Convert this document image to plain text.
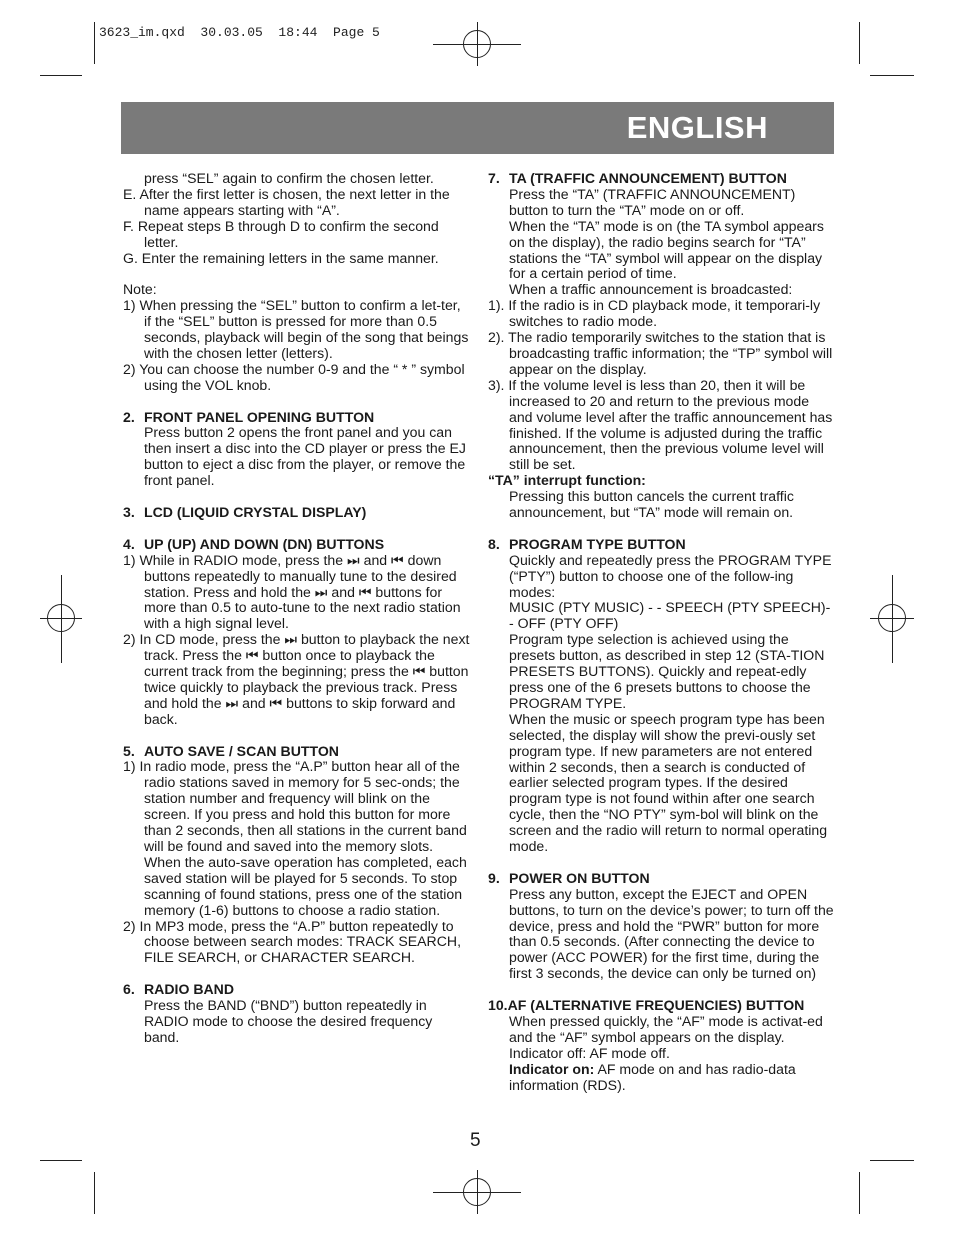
3623_im.qxd  30.03.05  18:44  Page 5
ENGLISH

press “SEL” again to confirm the chosen letter.

E. After the first letter is chosen, the next letter in the name appears starting with “A”.

F. Repeat steps B through D to confirm the second letter.

G. Enter the remaining letters in the same manner.

Note:

1) When pressing the “SEL” button to confirm a let-ter, if the “SEL” button is pressed for more than 0.5 seconds, playback will begin of the song that beings with the chosen letter (letters).

2) You can choose the number 0-9 and the “ * ” symbol using the VOL knob.

2. FRONT PANEL OPENING BUTTON

Press button 2 opens the front panel and you can then insert a disc into the CD player or press the EJ button to eject a disc from the player, or remove the front panel.

3. LCD (LIQUID CRYSTAL DISPLAY)

4. UP (UP) AND DOWN (DN) BUTTONS

1) While in RADIO mode, press the ⏭ and ⏮ down buttons repeatedly to manually tune to the desired station. Press and hold the ⏭ and ⏮ buttons for more than 0.5 to auto-tune to the next radio station with a high signal level.

2) In CD mode, press the ⏭ button to playback the next track. Press the ⏮ button once to playback the current track from the beginning; press the ⏮ button twice quickly to playback the previous track. Press and hold the ⏭ and ⏮ buttons to skip forward and back.

5. AUTO SAVE / SCAN BUTTON

1) In radio mode, press the “A.P” button hear all of the radio stations saved in memory for 5 sec-onds; the station number and frequency will blink on the screen. If you press and hold this button for more than 2 seconds, then all stations in the current band will be found and saved into the memory slots. When the auto-save operation has completed, each saved station will be played for 5 seconds. To stop scanning of found stations, press one of the station memory (1-6) buttons to choose a radio station.

2) In MP3 mode, press the “A.P” button repeatedly to choose between search modes: TRACK SEARCH, FILE SEARCH, or CHARACTER SEARCH.

6. RADIO BAND

Press the BAND (“BND”) button repeatedly in RADIO mode to choose the desired frequency band.

7. TA (TRAFFIC ANNOUNCEMENT) BUTTON

Press the “TA” (TRAFFIC ANNOUNCEMENT) button to turn the “TA” mode on or off.

When the “TA” mode is on (the TA symbol appears on the display), the radio begins search for “TA” stations the “TA” symbol will appear on the display for a certain period of time.

When a traffic announcement is broadcasted:

1). If the radio is in CD playback mode, it temporari-ly switches to radio mode.

2). The radio temporarily switches to the station that is broadcasting traffic information; the “TP” symbol will appear on the display.

3). If the volume level is less than 20, then it will be increased to 20 and return to the previous mode and volume level after the traffic announcement has finished. If the volume is adjusted during the traffic announcement, then the previous volume level will still be set.

“TA” interrupt function:

Pressing this button cancels the current traffic announcement, but “TA” mode will remain on.

8. PROGRAM TYPE BUTTON

Quickly and repeatedly press the PROGRAM TYPE (“PTY”) button to choose one of the follow-ing modes:

MUSIC (PTY MUSIC) - - SPEECH (PTY SPEECH)- - OFF (PTY OFF)

Program type selection is achieved using the presets button, as described in step 12 (STA-TION PRESETS BUTTONS). Quickly and repeat-edly press one of the 6 presets buttons to choose the PROGRAM TYPE.

When the music or speech program type has been selected, the display will show the previ-ously set program type. If new parameters are not entered within 2 seconds, then a search is conducted of earlier selected program types. If the desired program type is not found within after one search cycle, then the “NO PTY” sym-bol will blink on the screen and the radio will return to normal operating mode.

9. POWER ON BUTTON

Press any button, except the EJECT and OPEN buttons, to turn on the device’s power; to turn off the device, press and hold the “PWR” button for more than 0.5 seconds. (After connecting the device to power (ACC POWER) for the first time, during the first 3 seconds, the device can only be turned on)

10.AF (ALTERNATIVE FREQUENCIES) BUTTON

When pressed quickly, the “AF” mode is activat-ed and the “AF” symbol appears on the display. Indicator off: AF mode off.

Indicator on: AF mode on and has radio-data information (RDS).

5
